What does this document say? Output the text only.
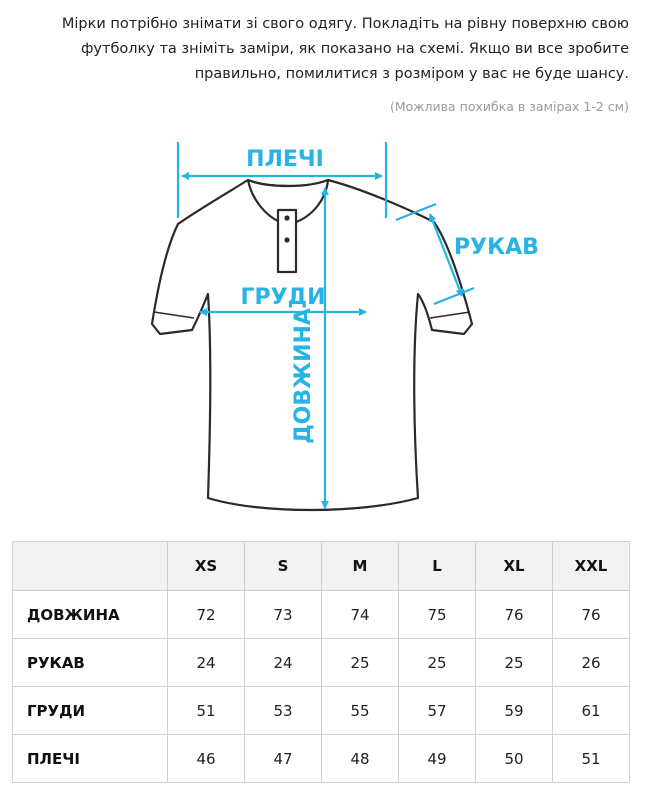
Мірки потрібно знімати зі свого одягу. Покладіть на рівну поверхню свою футболку та зніміть заміри, як показано на схемі. Якщо ви все зробите правильно, помилитися з розміром у вас не буде шансу.
(Можлива похибка в замірах 1-2 см)
ПЛЕЧІ
РУКАВ
ГРУДИ
ДОВЖИНА
	XS	S	M	L	XL	XXL
ДОВЖИНА	72	73	74	75	76	76
РУКАВ	24	24	25	25	25	26
ГРУДИ	51	53	55	57	59	61
ПЛЕЧІ	46	47	48	49	50	51
